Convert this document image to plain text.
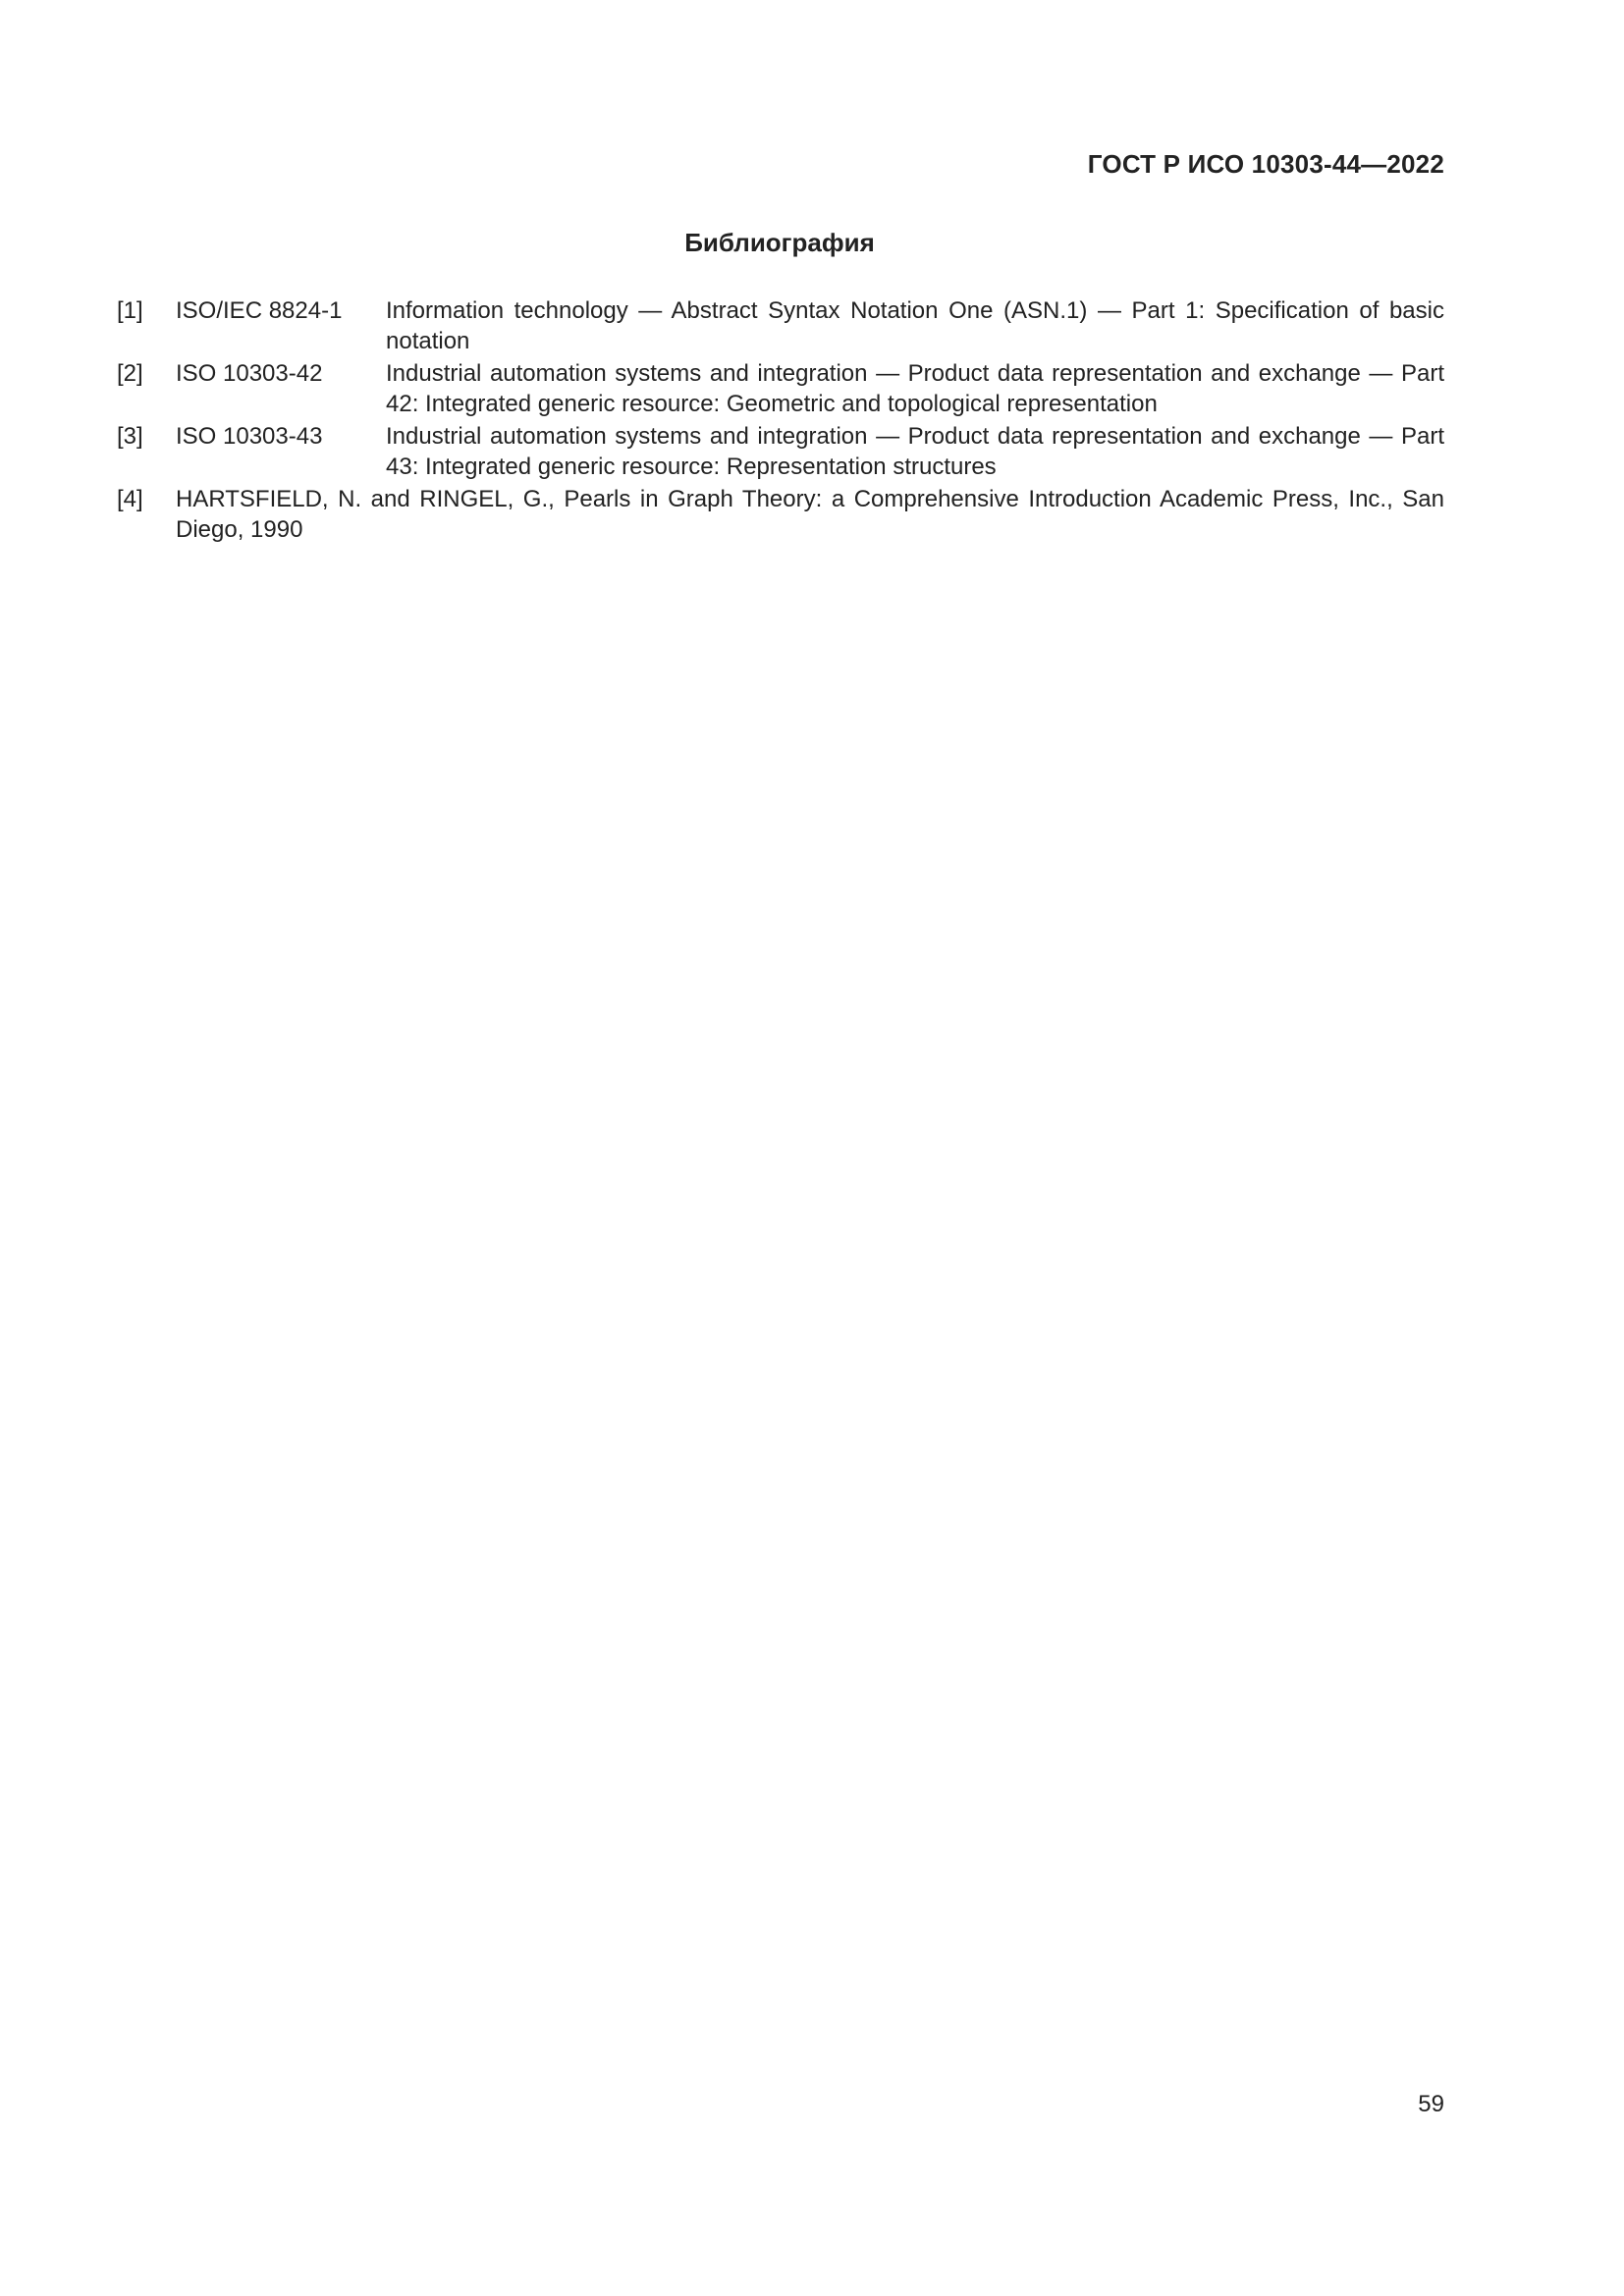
ГОСТ Р ИСО 10303-44—2022
Библиография
[1]	ISO/IEC 8824-1	Information technology — Abstract Syntax Notation One (ASN.1) — Part 1: Specification of basic notation
[2]	ISO 10303-42	Industrial automation systems and integration — Product data representation and exchange — Part 42: Integrated generic resource: Geometric and topological representation
[3]	ISO 10303-43	Industrial automation systems and integration — Product data representation and exchange — Part 43: Integrated generic resource: Representation structures
[4]	HARTSFIELD, N. and RINGEL, G., Pearls in Graph Theory: a Comprehensive Introduction Academic Press, Inc., San Diego, 1990
59
